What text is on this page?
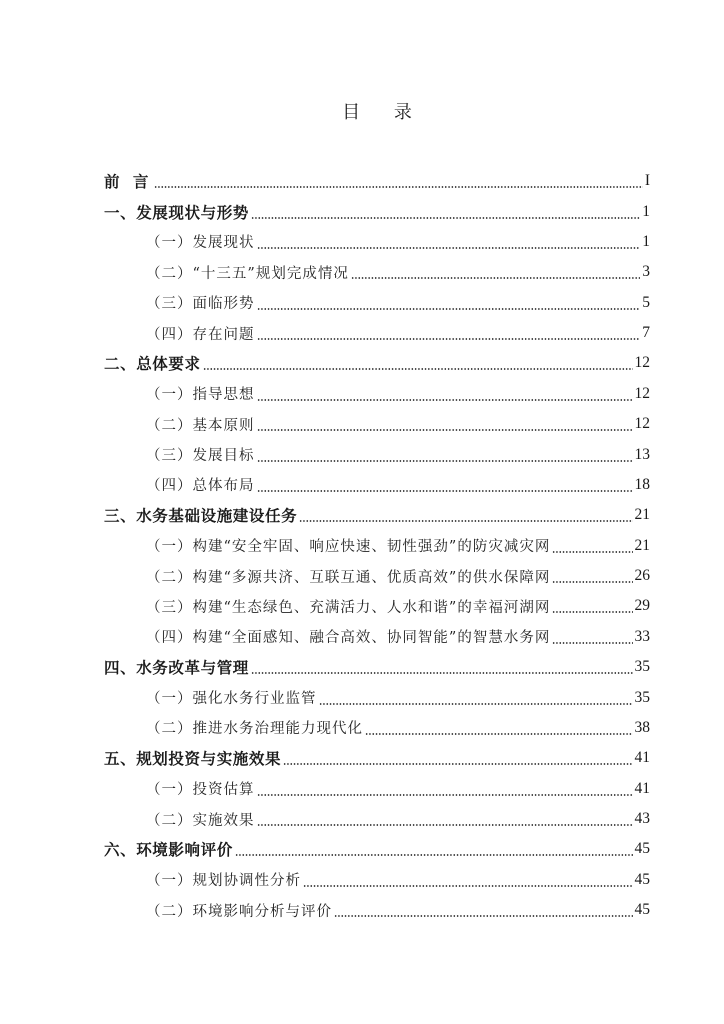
目 录
前 言	I
一、发展现状与形势	1
（一）发展现状	1
（二）“十三五”规划完成情况	3
（三）面临形势	5
（四）存在问题	7
二、总体要求	12
（一）指导思想	12
（二）基本原则	12
（三）发展目标	13
（四）总体布局	18
三、水务基础设施建设任务	21
（一）构建“安全牢固、响应快速、韧性强劲”的防灾减灾网	21
（二）构建“多源共济、互联互通、优质高效”的供水保障网	26
（三）构建“生态绿色、充满活力、人水和谐”的幸福河湖网	29
（四）构建“全面感知、融合高效、协同智能”的智慧水务网	33
四、水务改革与管理	35
（一）强化水务行业监管	35
（二）推进水务治理能力现代化	38
五、规划投资与实施效果	41
（一）投资估算	41
（二）实施效果	43
六、环境影响评价	45
（一）规划协调性分析	45
（二）环境影响分析与评价	45
